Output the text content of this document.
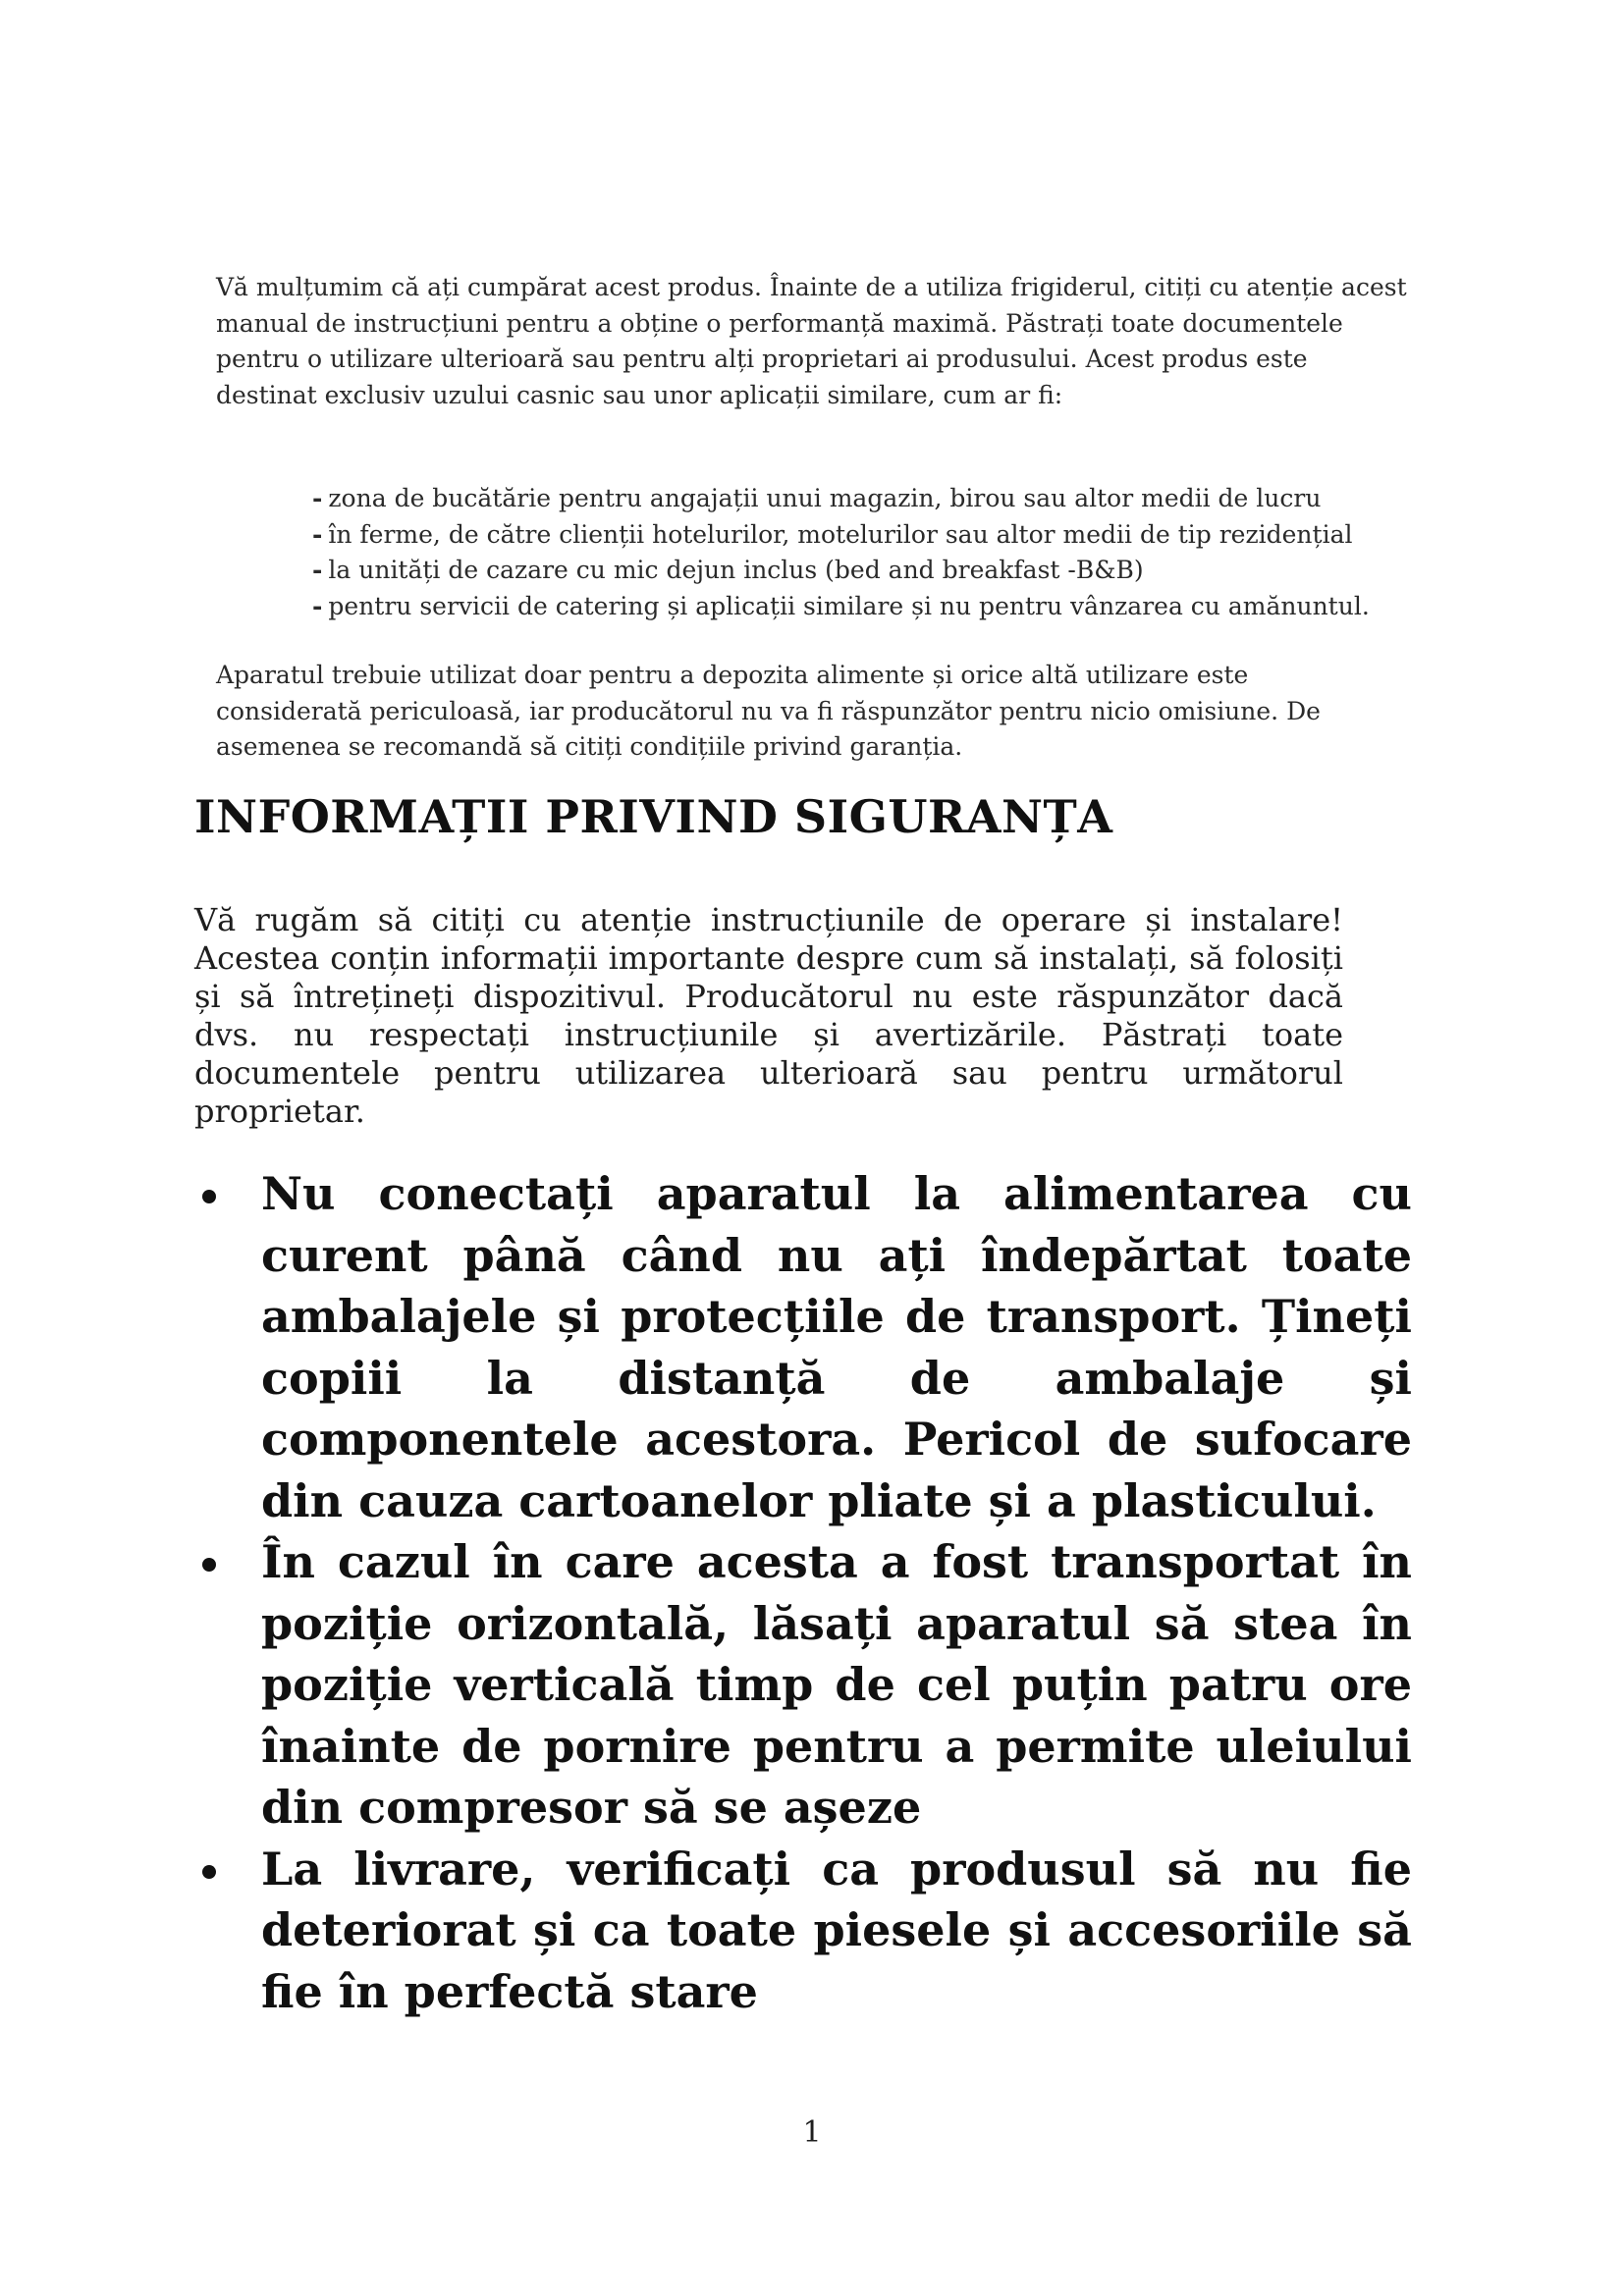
Vă mulțumim că ați cumpărat acest produs. Înainte de a utiliza frigiderul, citiți cu atenție acest manual de instrucțiuni pentru a obține o performanță maximă. Păstrați toate documentele pentru o utilizare ulterioară sau pentru alți proprietari ai produsului. Acest produs este destinat exclusiv uzului casnic sau unor aplicații similare, cum ar fi:

- zona de bucătărie pentru angajații unui magazin, birou sau altor medii de lucru
- în ferme, de către clienții hotelurilor, motelurilor sau altor medii de tip rezidențial
- la unități de cazare cu mic dejun inclus (bed and breakfast -B&B)
- pentru servicii de catering și aplicații similare și nu pentru vânzarea cu amănuntul.

Aparatul trebuie utilizat doar pentru a depozita alimente și orice altă utilizare este considerată periculoasă, iar producătorul nu va fi răspunzător pentru nicio omisiune. De asemenea se recomandă să citiți condițiile privind garanția.

INFORMAȚII PRIVIND SIGURANȚA

Vă rugăm să citiți cu atenție instrucțiunile de operare și instalare! Acestea conțin informații importante despre cum să instalați, să folosiți și să întrețineți dispozitivul. Producătorul nu este răspunzător dacă dvs. nu respectați instrucțiunile și avertizările. Păstrați toate documentele pentru utilizarea ulterioară sau pentru următorul proprietar.

Nu conectați aparatul la alimentarea cu curent până când nu ați îndepărtat toate ambalajele și protecțiile de transport. Țineți copiii la distanță de ambalaje și componentele acestora. Pericol de sufocare din cauza cartoanelor pliate și a plasticului.
În cazul în care acesta a fost transportat în poziție orizontală, lăsați aparatul să stea în poziție verticală timp de cel puțin patru ore înainte de pornire pentru a permite uleiului din compresor să se așeze
La livrare, verificați ca produsul să nu fie deteriorat și ca toate piesele și accesoriile să fie în perfectă stare
1
